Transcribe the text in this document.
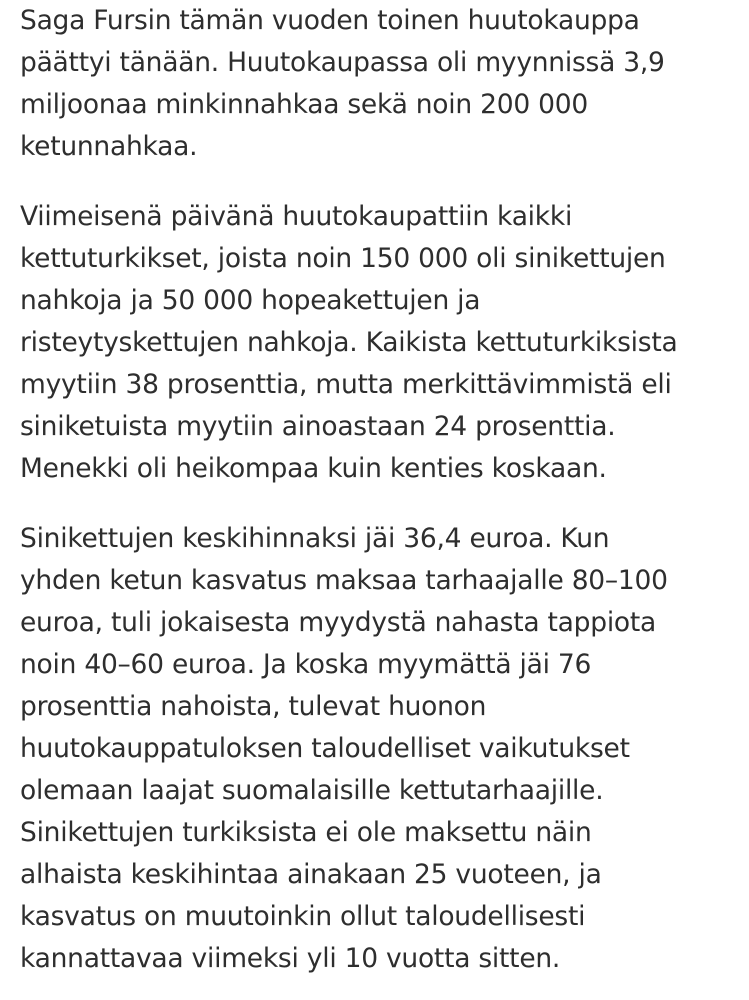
Saga Fursin tämän vuoden toinen huutokauppa
päättyi tänään. Huutokaupassa oli myynnissä 3,9
miljoonaa minkinnahkaa sekä noin 200 000
ketunnahkaa.
Viimeisenä päivänä huutokaupattiin kaikki
kettuturkikset, joista noin 150 000 oli sinikettujen
nahkoja ja 50 000 hopeakettujen ja
risteytyskettujen nahkoja. Kaikista kettuturkiksista
myytiin 38 prosenttia, mutta merkittävimmistä eli
siniketuista myytiin ainoastaan 24 prosenttia.
Menekki oli heikompaa kuin kenties koskaan.
Sinikettujen keskihinnaksi jäi 36,4 euroa. Kun
yhden ketun kasvatus maksaa tarhaajalle 80–100
euroa, tuli jokaisesta myydystä nahasta tappiota
noin 40–60 euroa. Ja koska myymättä jäi 76
prosenttia nahoista, tulevat huonon
huutokauppatuloksen taloudelliset vaikutukset
olemaan laajat suomalaisille kettutarhaajille.
Sinikettujen turkiksista ei ole maksettu näin
alhaista keskihintaa ainakaan 25 vuoteen, ja
kasvatus on muutoinkin ollut taloudellisesti
kannattavaa viimeksi yli 10 vuotta sitten.
